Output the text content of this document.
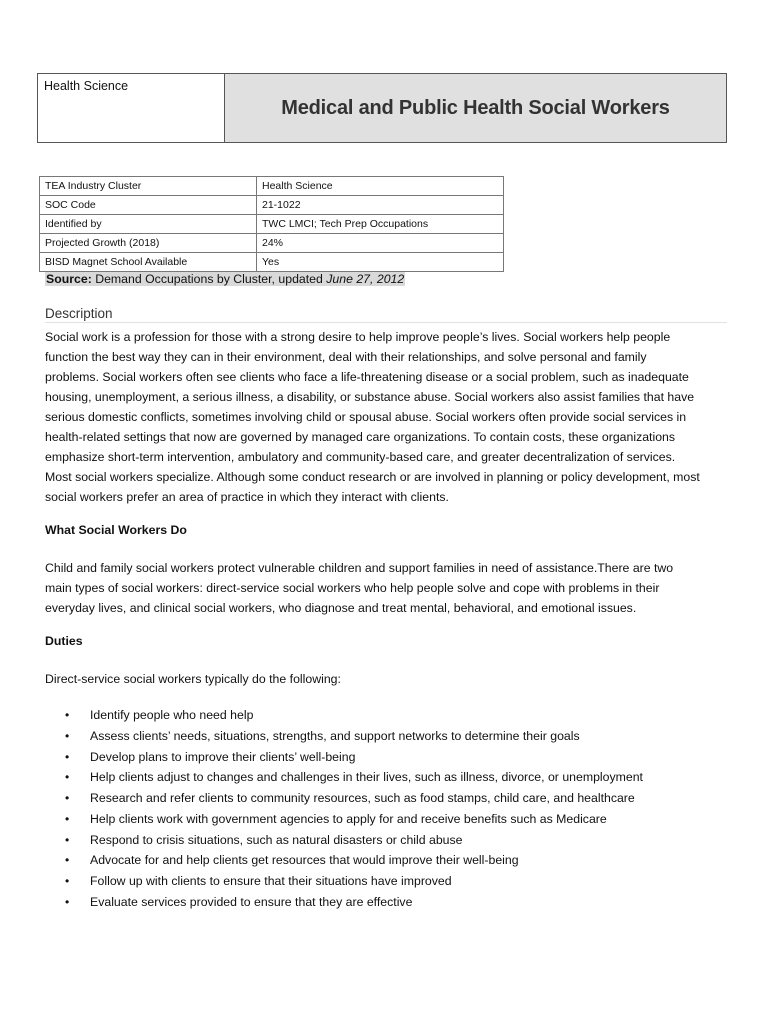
Health Science
Medical and Public Health Social Workers
TEA Industry Cluster	Health Science
SOC Code	21-1022
Identified by	TWC LMCI; Tech Prep Occupations
Projected Growth (2018)	24%
BISD Magnet School Available	Yes
Source: Demand Occupations by Cluster, updated June 27, 2012
Description
Social work is a profession for those with a strong desire to help improve people’s lives. Social workers help people
function the best way they can in their environment, deal with their relationships, and solve personal and family
problems. Social workers often see clients who face a life-threatening disease or a social problem, such as inadequate
housing, unemployment, a serious illness, a disability, or substance abuse. Social workers also assist families that have
serious domestic conflicts, sometimes involving child or spousal abuse. Social workers often provide social services in
health-related settings that now are governed by managed care organizations. To contain costs, these organizations
emphasize short-term intervention, ambulatory and community-based care, and greater decentralization of services.
Most social workers specialize. Although some conduct research or are involved in planning or policy development, most
social workers prefer an area of practice in which they interact with clients.
What Social Workers Do
Child and family social workers protect vulnerable children and support families in need of assistance.There are two
main types of social workers: direct-service social workers who help people solve and cope with problems in their
everyday lives, and clinical social workers, who diagnose and treat mental, behavioral, and emotional issues.
Duties
Direct-service social workers typically do the following:
• Identify people who need help
• Assess clients’ needs, situations, strengths, and support networks to determine their goals
• Develop plans to improve their clients’ well-being
• Help clients adjust to changes and challenges in their lives, such as illness, divorce, or unemployment
• Research and refer clients to community resources, such as food stamps, child care, and healthcare
• Help clients work with government agencies to apply for and receive benefits such as Medicare
• Respond to crisis situations, such as natural disasters or child abuse
• Advocate for and help clients get resources that would improve their well-being
• Follow up with clients to ensure that their situations have improved
• Evaluate services provided to ensure that they are effective
